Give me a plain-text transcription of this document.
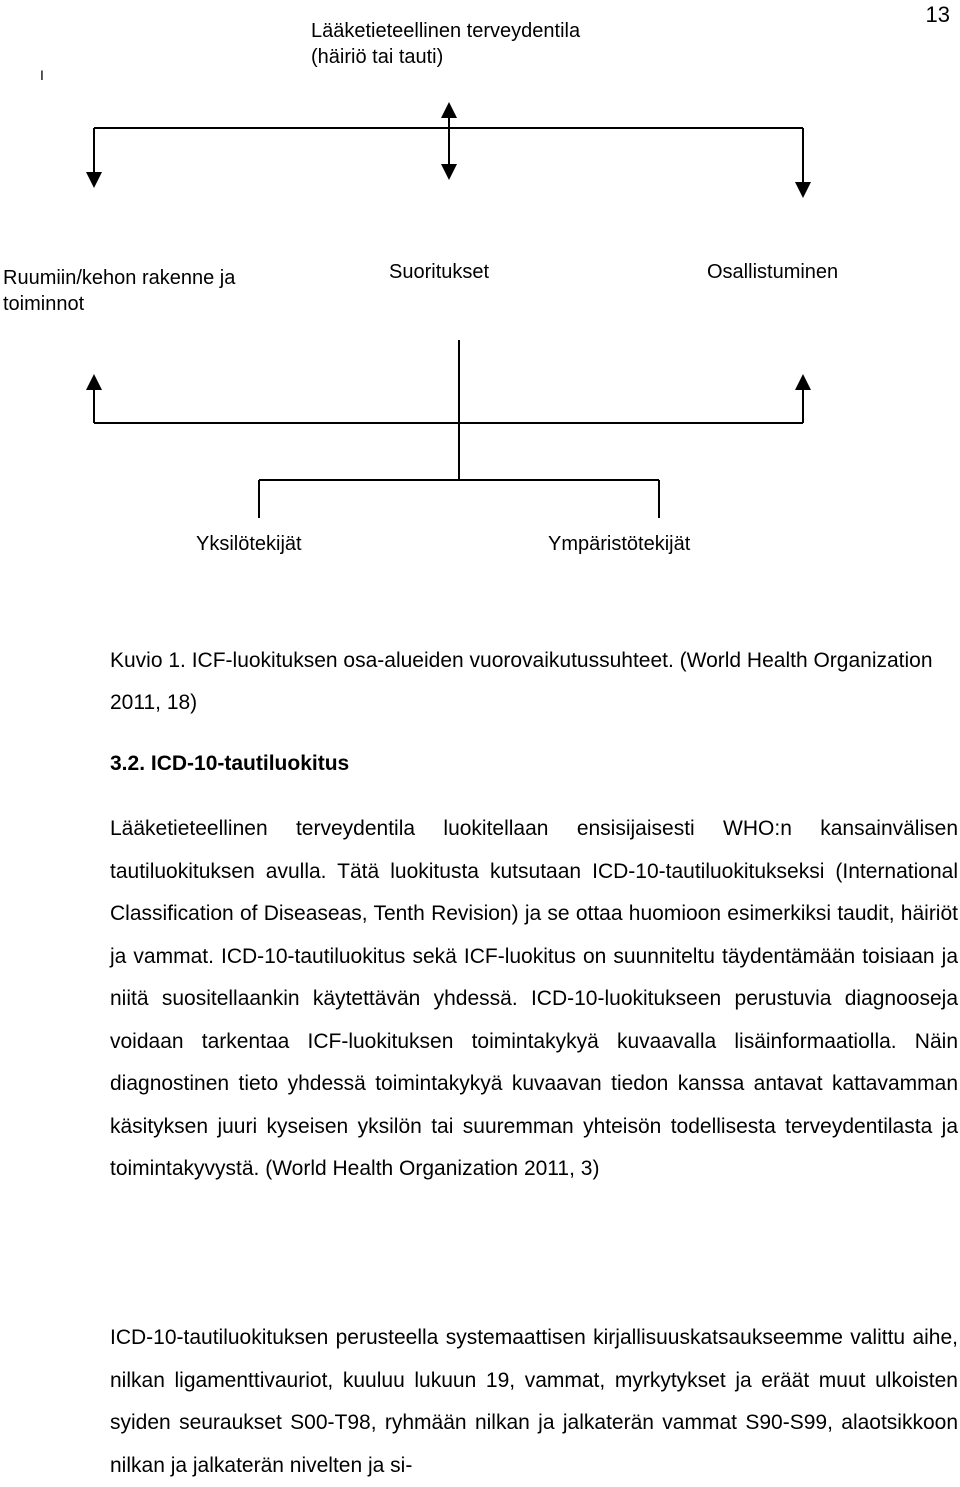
13
I
Lääketieteellinen terveydentila (häiriö tai tauti)
Ruumiin/kehon rakenne ja toiminnot
Suoritukset	Osallistuminen
Yksilötekijät	Ympäristötekijät
Kuvio 1. ICF-luokituksen osa-alueiden vuorovaikutussuhteet. (World Health Organization 2011, 18)
3.2. ICD-10-tautiluokitus
Lääketieteellinen terveydentila luokitellaan ensisijaisesti WHO:n kansainvälisen tautiluokituksen avulla. Tätä luokitusta kutsutaan ICD-10-tautiluokitukseksi (International Classification of Diseaseas, Tenth Revision) ja se ottaa huomioon esimerkiksi taudit, häiriöt ja vammat. ICD-10-tautiluokitus sekä ICF-luokitus on suunniteltu täydentämään toisiaan ja niitä suositellaankin käytettävän yhdessä. ICD-10-luokitukseen perustuvia diagnooseja voidaan tarkentaa ICF-luokituksen toimintakykyä kuvaavalla lisäinformaatiolla. Näin diagnostinen tieto yhdessä toimintakykyä kuvaavan tiedon kanssa antavat kattavamman käsityksen juuri kyseisen yksilön tai suuremman yhteisön todellisesta terveydentilasta ja toimintakyvystä. (World Health Organization 2011, 3)
ICD-10-tautiluokituksen perusteella systemaattisen kirjallisuuskatsaukseemme valittu aihe, nilkan ligamenttivauriot, kuuluu lukuun 19, vammat, myrkytykset ja eräät muut ulkoisten syiden seuraukset S00-T98, ryhmään nilkan ja jalkaterän vammat S90-S99, alaotsikkoon nilkan ja jalkaterän nivelten ja si-
